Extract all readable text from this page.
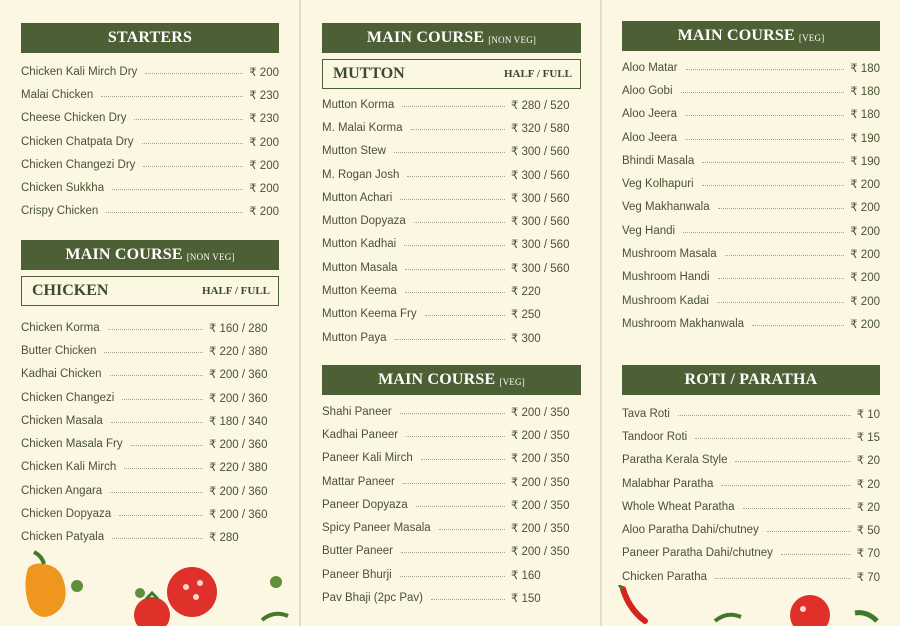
STARTERS
Chicken Kali Mirch Dry	₹ 200
Malai Chicken	₹ 230
Cheese Chicken Dry	₹ 230
Chicken Chatpata Dry	₹ 200
Chicken Changezi Dry	₹ 200
Chicken Sukkha	₹ 200
Crispy Chicken	₹ 200
MAIN COURSE [NON VEG]
CHICKEN	HALF / FULL
Chicken Korma	₹ 160 / 280
Butter Chicken	₹ 220 / 380
Kadhai Chicken	₹ 200 / 360
Chicken Changezi	₹ 200 / 360
Chicken Masala	₹ 180 / 340
Chicken Masala Fry	₹ 200 / 360
Chicken Kali Mirch	₹ 220 / 380
Chicken Angara	₹ 200 / 360
Chicken Dopyaza	₹ 200 / 360
Chicken Patyala	₹ 280
MAIN COURSE [NON VEG]
MUTTON	HALF / FULL
Mutton Korma	₹ 280 / 520
M. Malai Korma	₹ 320 / 580
Mutton Stew	₹ 300 / 560
M. Rogan Josh	₹ 300 / 560
Mutton Achari	₹ 300 / 560
Mutton Dopyaza	₹ 300 / 560
Mutton Kadhai	₹ 300 / 560
Mutton Masala	₹ 300 / 560
Mutton Keema	₹ 220
Mutton Keema Fry	₹ 250
Mutton Paya	₹ 300
MAIN COURSE [VEG]
Shahi Paneer	₹ 200 / 350
Kadhai Paneer	₹ 200 / 350
Paneer Kali Mirch	₹ 200 / 350
Mattar Paneer	₹ 200 / 350
Paneer Dopyaza	₹ 200 / 350
Spicy Paneer Masala	₹ 200 / 350
Butter Paneer	₹ 200 / 350
Paneer Bhurji	₹ 160
Pav Bhaji (2pc Pav)	₹ 150
MAIN COURSE [VEG]
Aloo Matar	₹ 180
Aloo Gobi	₹ 180
Aloo Jeera	₹ 180
Aloo Jeera	₹ 190
Bhindi Masala	₹ 190
Veg Kolhapuri	₹ 200
Veg Makhanwala	₹ 200
Veg Handi	₹ 200
Mushroom Masala	₹ 200
Mushroom Handi	₹ 200
Mushroom Kadai	₹ 200
Mushroom Makhanwala	₹ 200
ROTI / PARATHA
Tava Roti	₹ 10
Tandoor Roti	₹ 15
Paratha Kerala Style	₹ 20
Malabhar Paratha	₹ 20
Whole Wheat Paratha	₹ 20
Aloo Paratha Dahi/chutney	₹ 50
Paneer Paratha Dahi/chutney	₹ 70
Chicken Paratha	₹ 70
